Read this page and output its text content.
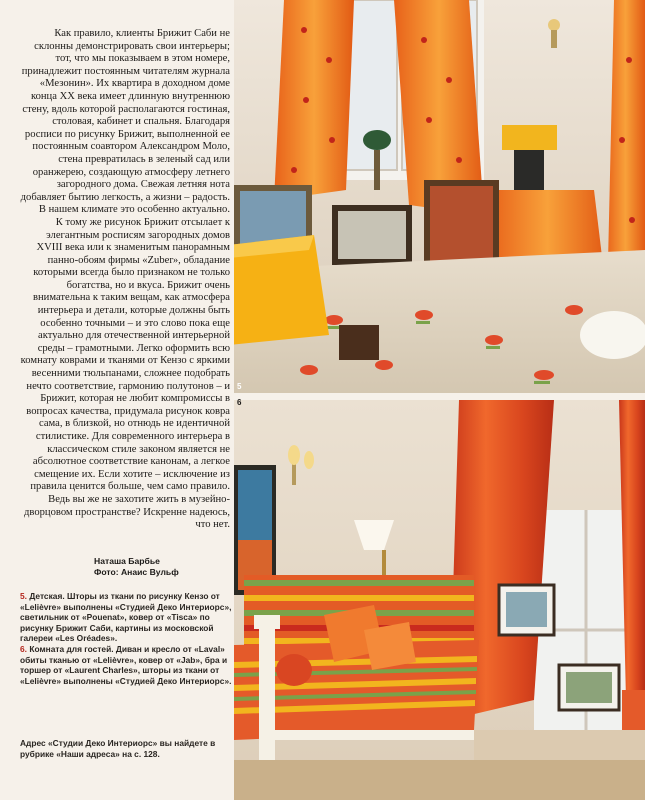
Как правило, клиенты Брижит Саби не склонны демонстрировать свои интерьеры; тот, что мы показываем в этом номере, принадлежит постоянным читателям журнала «Мезонин». Их квартира в доходном доме конца XX века имеет длинную внутреннюю стену, вдоль которой располагаются гостиная, столовая, кабинет и спальня. Благодаря росписи по рисунку Брижит, выполненной ее постоянным соавтором Александром Моло, стена превратилась в зеленый сад или оранжерею, создающую атмосферу летнего загородного дома. Свежая летняя нота добавляет бытию легкость, а жизни – радость. В нашем климате это особенно актуально.

К тому же рисунок Брижит отсылает к элегантным росписям загородных домов XVIII века или к знаменитым панорамным панно-обоям фирмы «Zuber», обладание которыми всегда было признаком не только богатства, но и вкуса. Брижит очень внимательна к таким вещам, как атмосфера интерьера и детали, которые должны быть особенно точными – и это слово пока еще актуально для отечественной интерьерной среды – грамотными. Легко оформить всю комнату коврами и тканями от Кензо с яркими весенними тюльпанами, сложнее подобрать нечто соответствие, гармонию полутонов – и Брижит, которая не любит компромиссы в вопросах качества, придумала рисунок ковра сама, в близкой, но отнюдь не идентичной стилистике. Для современного интерьера в классическом стиле законом является не абсолютное соответствие канонам, а легкое смещение их. Если хотите – исключение из правила ценится больше, чем само правило. Ведь вы же не захотите жить в музейно-дворцовом пространстве? Искренне надеюсь, что нет.

Наташа Барбье
Фото: Анаис Вульф

5. Детская. Шторы из ткани по рисунку Кензо от «Lelièvre» выполнены «Студией Деко Интериорс», светильник от «Pouenat», ковер от «Tisca» по рисунку Брижит Саби, картины из московской галереи «Les Oréades».

6. Комната для гостей. Диван и кресло от «Laval» обиты тканью от «Lelièvre», ковер от «Jab», бра и торшер от «Laurent Charles», шторы из ткани от «Lelièvre» выполнены «Студией Деко Интериорс».

Адрес «Студии Деко Интериорс» вы найдете в рубрике «Наши адреса» на с. 128.

5
6
